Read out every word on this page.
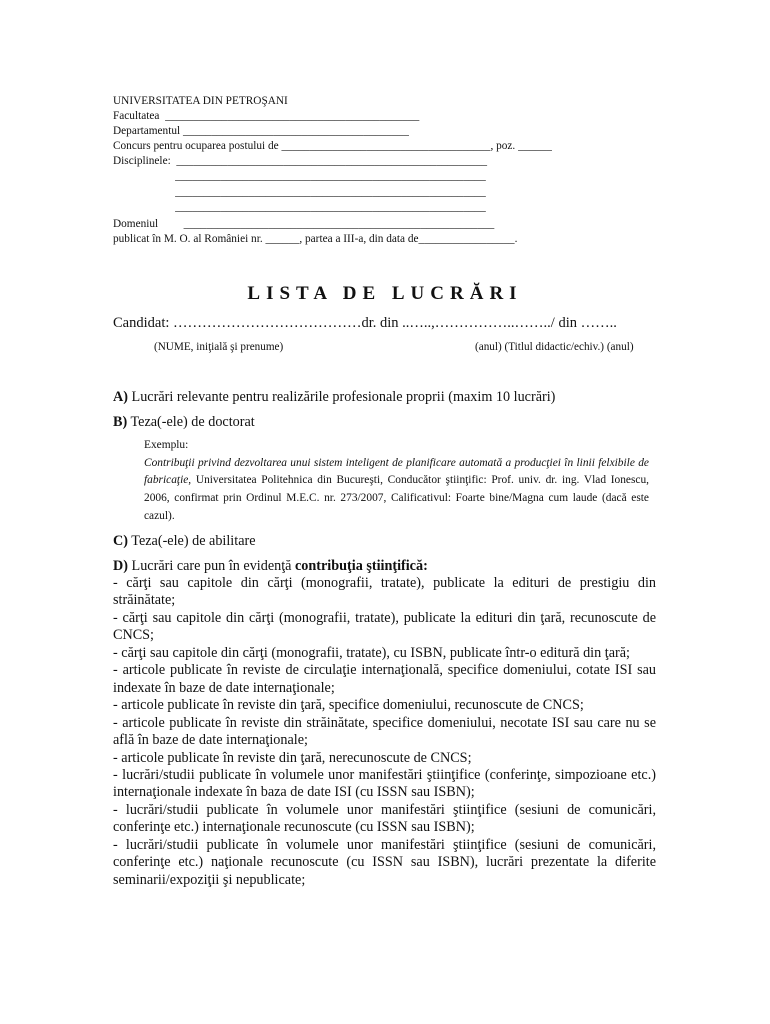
UNIVERSITATEA DIN PETROŞANI
Facultatea  _____________________________________________
Departamentul ________________________________________
Concurs pentru ocuparea postului de _____________________________________, poz. ______
Disciplinele:  _______________________________________________________
_______________________________________________________
_______________________________________________________
_______________________________________________________
Domeniul         _______________________________________________________
publicat în M. O. al României nr. ______, partea a III-a, din data de_________________.
LISTA DE LUCRĂRI
Candidat: …………………………………dr. din ..…..,……………..……../ din ……..
(NUME, iniţială şi prenume)	(anul) (Titlul didactic/echiv.) (anul)
A) Lucrări relevante pentru realizările profesionale proprii (maxim 10 lucrări)
B) Teza(-ele) de doctorat
Exemplu:
Contribuţii privind dezvoltarea unui sistem inteligent de planificare automată a producţiei în linii felxibile de fabricaţie, Universitatea Politehnica din Bucureşti, Conducător ştiinţific: Prof. univ. dr. ing. Vlad Ionescu, 2006, confirmat prin Ordinul M.E.C. nr. 273/2007, Calificativul: Foarte bine/Magna cum laude (dacă este cazul).
C) Teza(-ele) de abilitare
D) Lucrări care pun în evidenţă contribuţia ştiinţifică:

- cărţi sau capitole din cărţi (monografii, tratate), publicate la edituri de prestigiu din străinătate;

- cărţi sau capitole din cărţi (monografii, tratate), publicate la edituri din ţară, recunoscute de CNCS;

- cărţi sau capitole din cărţi (monografii, tratate), cu ISBN, publicate într-o editură din ţară;

- articole publicate în reviste de circulaţie internaţională, specifice domeniului, cotate ISI sau indexate în baze de date internaţionale;

- articole publicate în reviste din ţară, specifice domeniului, recunoscute de CNCS;

- articole publicate în reviste din străinătate, specifice domeniului, necotate ISI sau care nu se află în baze de date internaţionale;

- articole publicate în reviste din ţară, nerecunoscute de CNCS;

- lucrări/studii publicate în volumele unor manifestări ştiinţifice (conferinţe, simpozioane etc.) internaţionale indexate în baza de date ISI (cu ISSN sau ISBN);

- lucrări/studii publicate în volumele unor manifestări ştiinţifice (sesiuni de comunicări, conferinţe etc.) internaţionale recunoscute (cu ISSN sau ISBN);

- lucrări/studii publicate în volumele unor manifestări ştiinţifice (sesiuni de comunicări, conferinţe etc.) naţionale recunoscute (cu ISSN sau ISBN), lucrări prezentate la diferite seminarii/expoziţii şi nepublicate;
